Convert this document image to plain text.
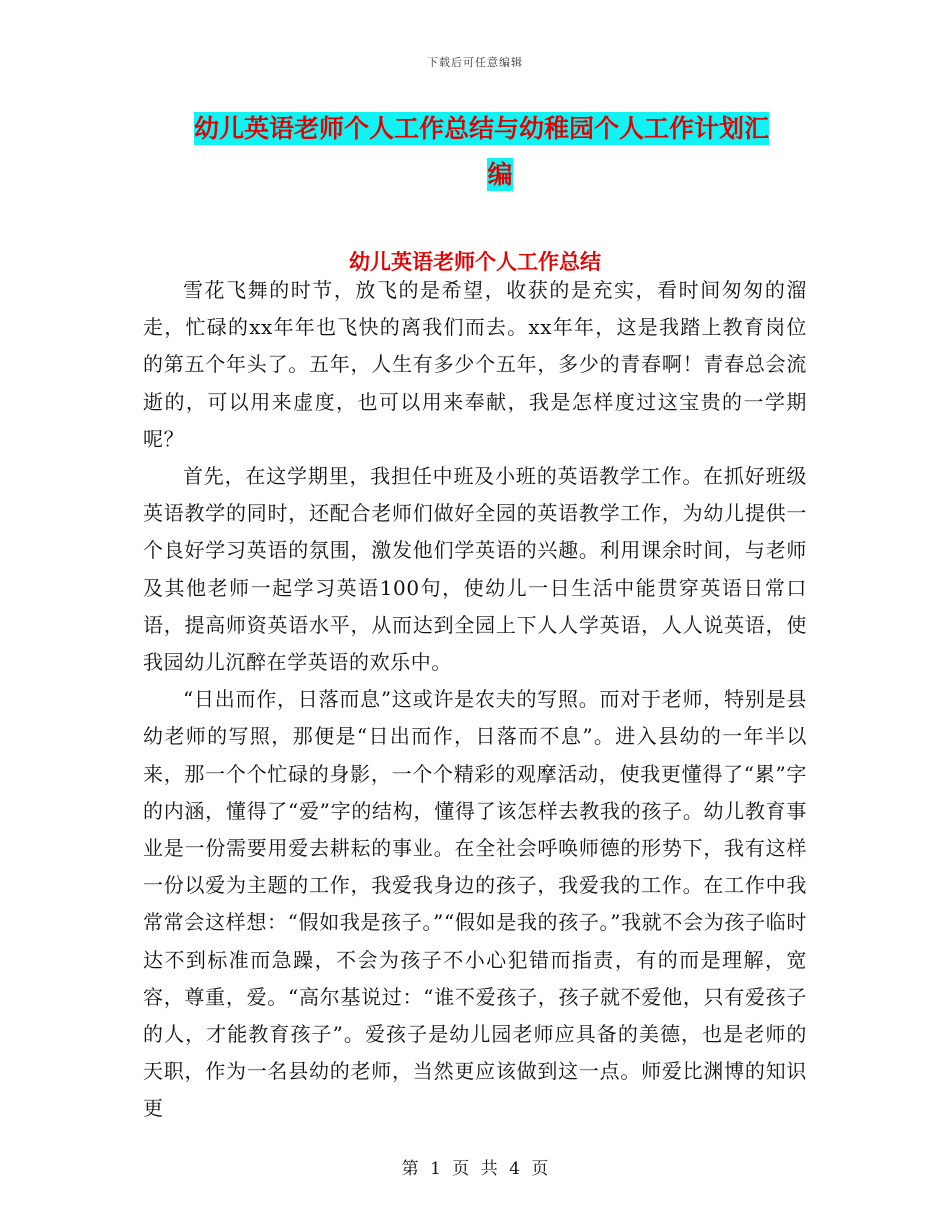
下载后可任意编辑
幼儿英语老师个人工作总结与幼稚园个人工作计划汇
编
幼儿英语老师个人工作总结

雪花飞舞的时节，放飞的是希望，收获的是充实，看时间匆匆的溜走，忙碌的xx年年也飞快的离我们而去。xx年年，这是我踏上教育岗位的第五个年头了。五年，人生有多少个五年，多少的青春啊！青春总会流逝的，可以用来虚度，也可以用来奉献，我是怎样度过这宝贵的一学期呢？

首先，在这学期里，我担任中班及小班的英语教学工作。在抓好班级英语教学的同时，还配合老师们做好全园的英语教学工作，为幼儿提供一个良好学习英语的氛围，激发他们学英语的兴趣。利用课余时间，与老师及其他老师一起学习英语100句，使幼儿一日生活中能贯穿英语日常口语，提高师资英语水平，从而达到全园上下人人学英语，人人说英语，使我园幼儿沉醉在学英语的欢乐中。

“日出而作，日落而息”这或许是农夫的写照。而对于老师，特别是县幼老师的写照，那便是“日出而作，日落而不息”。进入县幼的一年半以来，那一个个忙碌的身影，一个个精彩的观摩活动，使我更懂得了“累”字的内涵，懂得了“爱”字的结构，懂得了该怎样去教我的孩子。幼儿教育事业是一份需要用爱去耕耘的事业。在全社会呼唤师德的形势下，我有这样一份以爱为主题的工作，我爱我身边的孩子，我爱我的工作。在工作中我常常会这样想：“假如我是孩子。”“假如是我的孩子。”我就不会为孩子临时达不到标准而急躁，不会为孩子不小心犯错而指责，有的而是理解，宽容，尊重，爱。“高尔基说过：“谁不爱孩子，孩子就不爱他，只有爱孩子的人，才能教育孩子”。爱孩子是幼儿园老师应具备的美德，也是老师的天职，作为一名县幼的老师，当然更应该做到这一点。师爱比渊博的知识更

第 1 页 共 4 页
